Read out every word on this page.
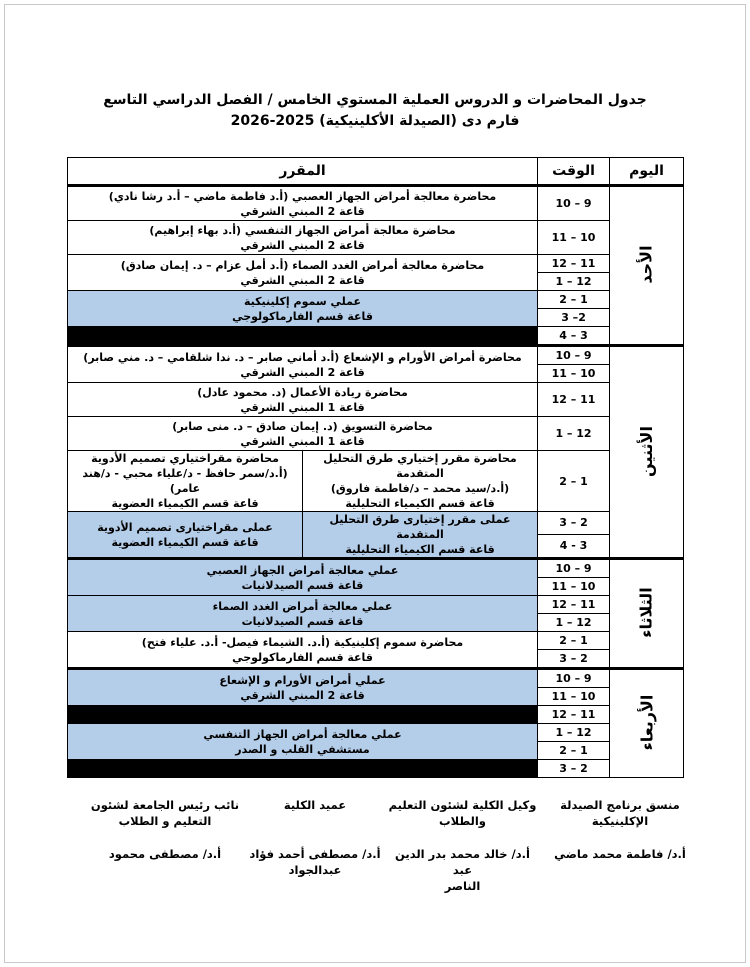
جدول المحاضرات و الدروس العملية المستوي الخامس / الفصل الدراسي التاسع
فارم دى (الصيدلة الأكلينيكية) 2025-2026
اليوم	الوقت	المقرر	
الأحد	9 – 10	محاضرة معالجة أمراض الجهاز العصبي (أ.د فاطمة ماضي – أ.د رشا نادي)
قاعة 2 المبني الشرقي	

	10 – 11	محاضرة معالجة أمراض الجهاز التنفسي (أ.د بهاء إبراهيم)
قاعة 2 المبني الشرقي	

	11 – 12	محاضرة معالجة أمراض الغدد الصماء (أ.د أمل عزام – د. إيمان صادق)
قاعة 2 المبني الشرقي	

	12 – 1		
	1 – 2	عملي سموم إكلينيكية
قاعة قسم الفارماكولوجي	

	2– 3		
	3 – 4		
الأثنين	9 – 10	محاضرة أمراض الأورام و الإشعاع (أ.د أماني صابر – د. ندا شلقامي – د. مني صابر)
قاعة 2 المبني الشرقي	

	10 – 11		
	11 – 12	محاضرة ريادة الأعمال (د. محمود عادل)
قاعة 1 المبني الشرقي	

	12 – 1	محاضرة التسويق (د. إيمان صادق – د. منى صابر)
قاعة 1 المبني الشرقي	

	1 – 2	محاضرة مقرر إختياري طرق التحليل المتقدمة
(أ.د/سيد محمد – د/فاطمة فاروق)
قاعة قسم الكيمياء التحليلية	محاضرة مقراختياري تصميم الأدوية
(أ.د/سمر حافظ - د/علياء محبي - د/هند عامر)
قاعة قسم الكيمياء العضوية

	2 – 3	عملى مقرر إختيارى طرق التحليل المتقدمة
قاعة قسم الكيمياء التحليلية	عملى مقراختيارى تصميم الأدوية
قاعة قسم الكيمياء العضوية

	3 - 4		
الثلاثاء	9 – 10	عملي معالجة أمراض الجهاز العصبي
قاعة قسم الصيدلانيات	

	10 – 11		
	11 – 12	عملي معالجة أمراض الغدد الصماء
قاعة قسم الصيدلانيات	

	12 – 1		
	1 – 2	محاضرة سموم إكلينيكية (أ.د. الشيماء فيصل- أ.د. علياء فتح)
قاعة قسم الفارماكولوجي	

	2 – 3		
الأربعاء	9 – 10	عملي أمراض الأورام و الإشعاع
قاعة 2 المبني الشرقي	

	10 – 11		
	11 – 12		
	12 – 1	عملي معالجة أمراض الجهاز التنفسي
مستشفي القلب و الصدر	

	1 – 2		
	2 – 3		
منسق برنامج الصيدلة
الإكلينيكية
أ.د/ فاطمة محمد ماضي
وكيل الكلية لشئون التعليم
والطلاب
أ.د/ خالد محمد بدر الدين عبد
الناصر
عميد الكلية

أ.د/ مصطفى أحمد فؤاد
عبدالجواد
نائب رئيس الجامعة لشئون
التعليم و الطلاب
أ.د/ مصطفى محمود
